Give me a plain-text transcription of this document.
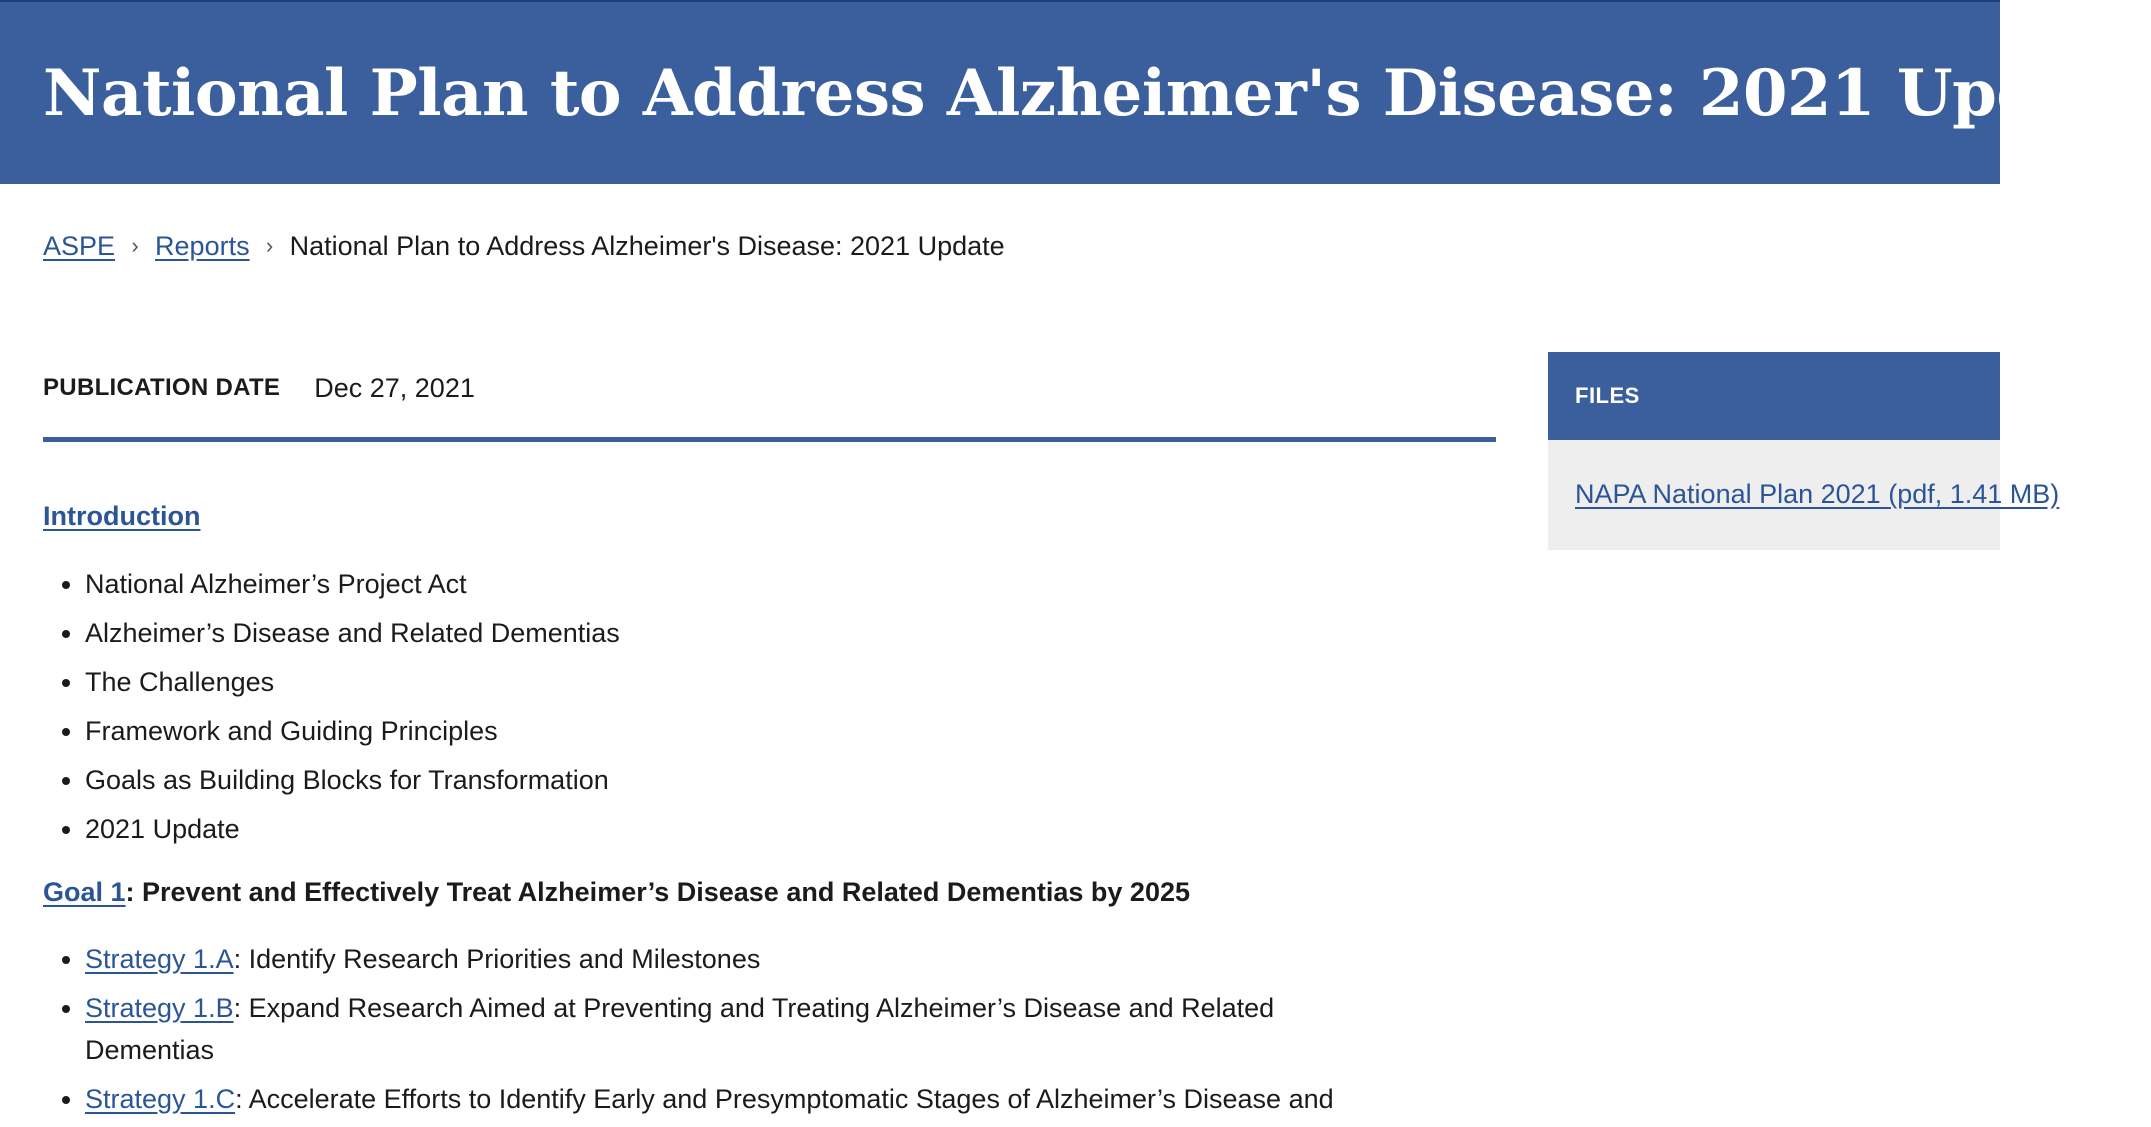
National Plan to Address Alzheimer's Disease: 2021 Update
ASPE › Reports › National Plan to Address Alzheimer's Disease: 2021 Update
PUBLICATION DATE Dec 27, 2021
Introduction
• National Alzheimer’s Project Act
• Alzheimer’s Disease and Related Dementias
• The Challenges
• Framework and Guiding Principles
• Goals as Building Blocks for Transformation
• 2021 Update
Goal 1: Prevent and Effectively Treat Alzheimer’s Disease and Related Dementias by 2025
• Strategy 1.A: Identify Research Priorities and Milestones
• Strategy 1.B: Expand Research Aimed at Preventing and Treating Alzheimer’s Disease and Related Dementias
• Strategy 1.C: Accelerate Efforts to Identify Early and Presymptomatic Stages of Alzheimer’s Disease and
FILES
NAPA National Plan 2021 (pdf, 1.41 MB)
